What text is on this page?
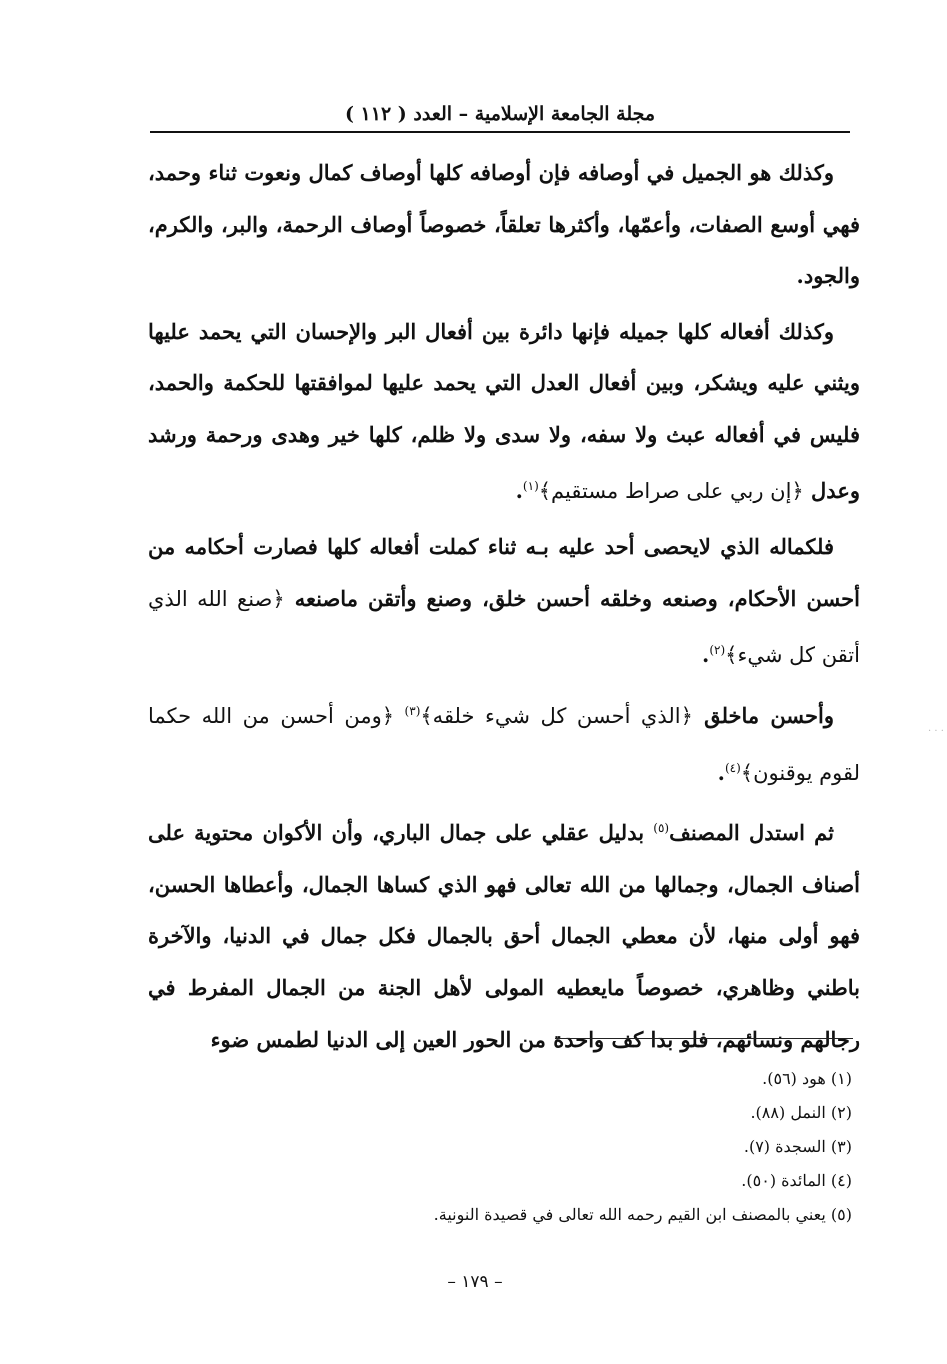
مجلة الجامعة الإسلامية – العدد ( ١١٢ )

وكذلك هو الجميل في أوصافه فإن أوصافه كلها أوصاف كمال ونعوت ثناء وحمد، فهي أوسع الصفات، وأعمّها، وأكثرها تعلقاً، خصوصاً أوصاف الرحمة، والبر، والكرم، والجود.

وكذلك أفعاله كلها جميله فإنها دائرة بين أفعال البر والإحسان التي يحمد عليها ويثني عليه ويشكر، وبين أفعال العدل التي يحمد عليها لموافقتها للحكمة والحمد، فليس في أفعاله عبث ولا سفه، ولا سدى ولا ظلم، كلها خير وهدى ورحمة ورشد وعدل ﴿إن ربي على صراط مستقيم﴾$^{(١)}$.

فلكماله الذي لايحصى أحد عليه بـه ثناء كملت أفعاله كلها فصارت أحكامه من أحسن الأحكام، وصنعه وخلقه أحسن خلق، وصنع وأتقن ماصنعه ﴿صنع الله الذي أتقن كل شيء﴾$^{(٢)}$.

وأحسن ماخلق ﴿الذي أحسن كل شيء خلقه﴾$^{(٣)}$ ﴿ومن أحسن من الله حكما لقوم يوقنون﴾$^{(٤)}$.

ثم استدل المصنف$^{(٥)}$ بدليل عقلي على جمال الباري، وأن الأكوان محتوية على أصناف الجمال، وجمالها من الله تعالى فهو الذي كساها الجمال، وأعطاها الحسن، فهو أولى منها، لأن معطي الجمال أحق بالجمال فكل جمال في الدنيا، والآخرة باطني وظاهري، خصوصاً مايعطيه المولى لأهل الجنة من الجمال المفرط في رجالهم ونسائهم، فلو بدا كف واحدة من الحور العين إلى الدنيا لطمس ضوء

(١) هود (٥٦).
(٢) النمل (٨٨).
(٣) السجدة (٧).
(٤) المائدة (٥٠).
(٥) يعني بالمصنف ابن القيم رحمه الله تعالى في قصيدة النونية.
– ١٧٩ –
· · ·
